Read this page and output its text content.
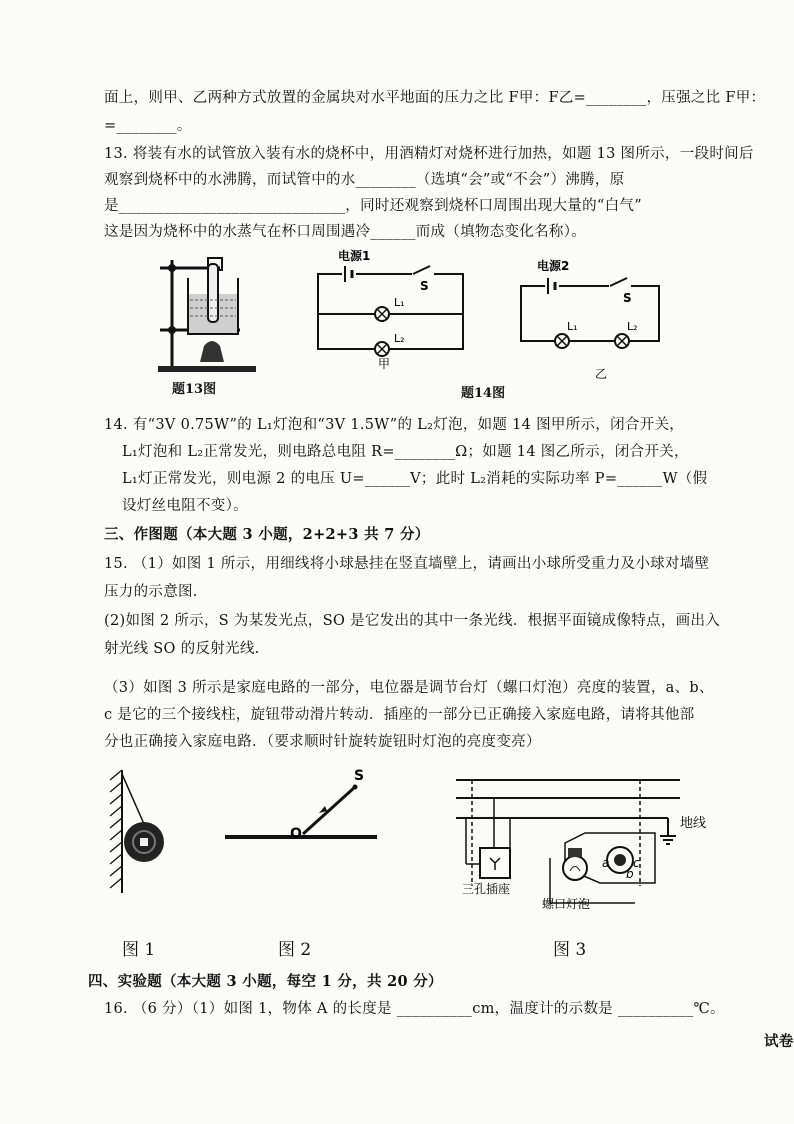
面上，则甲、乙两种方式放置的金属块对水平地面的压力之比 F甲：F乙=________，压强之比 F甲：
=________。
13. 将装有水的试管放入装有水的烧杯中，用酒精灯对烧杯进行加热，如题 13 图所示，一段时间后
观察到烧杯中的水沸腾，而试管中的水________（选填“会”或“不会”）沸腾，原
是______________________________，同时还观察到烧杯口周围出现大量的“白气”
这是因为烧杯中的水蒸气在杯口周围遇冷______而成（填物态变化名称）。
题13图
电源1
S
L₁
L₂
甲
题14图
电源2
S
L₁	L₂
乙
14. 有“3V 0.75W”的 L₁灯泡和“3V 1.5W”的 L₂灯泡，如题 14 图甲所示，闭合开关，
L₁灯泡和 L₂正常发光，则电路总电阻 R=________Ω；如题 14 图乙所示，闭合开关，
L₁灯正常发光，则电源 2 的电压 U=______V；此时 L₂消耗的实际功率 P=______W（假
设灯丝电阻不变）。
三、作图题（本大题 3 小题，2+2+3 共 7 分）
15. （1）如图 1 所示，用细线将小球悬挂在竖直墙壁上，请画出小球所受重力及小球对墙壁
压力的示意图.
(2)如图 2 所示，S 为某发光点，SO 是它发出的其中一条光线．根据平面镜成像特点，画出入
射光线 SO 的反射光线.
（3）如图 3 所示是家庭电路的一部分，电位器是调节台灯（螺口灯泡）亮度的装置，a、b、
c 是它的三个接线柱，旋钮带动滑片转动．插座的一部分已正确接入家庭电路，请将其他部
分也正确接入家庭电路．（要求顺时针旋转旋钮时灯泡的亮度变亮）
图 1
S
O
图 2
地线
三孔插座
a
b
c
螺口灯泡
图 3
四、实验题（本大题 3 小题，每空 1 分，共 20 分）
16. （6 分）（1）如图 1，物体 A 的长度是 __________cm，温度计的示数是 __________℃。
试卷
